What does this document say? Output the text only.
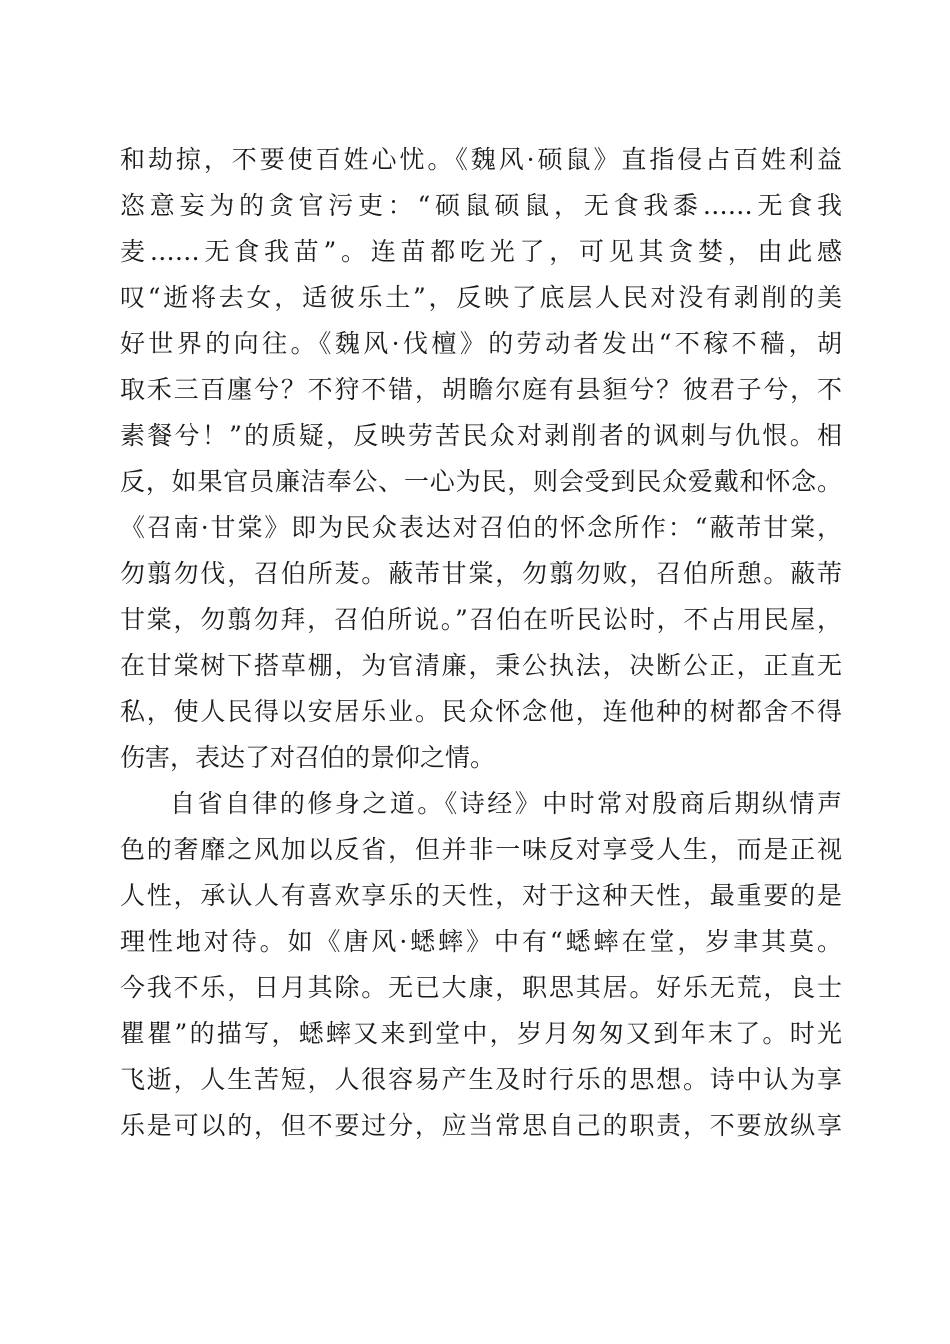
和劫掠，不要使百姓心忧。《魏风·硕鼠》直指侵占百姓利益
恣意妄为的贪官污吏：“硕鼠硕鼠，无食我黍……无食我
麦……无食我苗”。连苗都吃光了，可见其贪婪，由此感
叹“逝将去女，适彼乐土”，反映了底层人民对没有剥削的美
好世界的向往。《魏风·伐檀》的劳动者发出“不稼不穑，胡
取禾三百廛兮？不狩不错，胡瞻尔庭有县貆兮？彼君子兮，不
素餐兮！”的质疑，反映劳苦民众对剥削者的讽刺与仇恨。相
反，如果官员廉洁奉公、一心为民，则会受到民众爱戴和怀念。
《召南·甘棠》即为民众表达对召伯的怀念所作：“蔽芾甘棠，
勿翦勿伐，召伯所茇。蔽芾甘棠，勿翦勿败，召伯所憩。蔽芾
甘棠，勿翦勿拜，召伯所说。”召伯在听民讼时，不占用民屋，
在甘棠树下搭草棚，为官清廉，秉公执法，决断公正，正直无
私，使人民得以安居乐业。民众怀念他，连他种的树都舍不得
伤害，表达了对召伯的景仰之情。
自省自律的修身之道。《诗经》中时常对殷商后期纵情声
色的奢靡之风加以反省，但并非一味反对享受人生，而是正视
人性，承认人有喜欢享乐的天性，对于这种天性，最重要的是
理性地对待。如《唐风·蟋蟀》中有“蟋蟀在堂，岁聿其莫。
今我不乐，日月其除。无已大康，职思其居。好乐无荒，良士
瞿瞿”的描写，蟋蟀又来到堂中，岁月匆匆又到年末了。时光
飞逝，人生苦短，人很容易产生及时行乐的思想。诗中认为享
乐是可以的，但不要过分，应当常思自己的职责，不要放纵享
